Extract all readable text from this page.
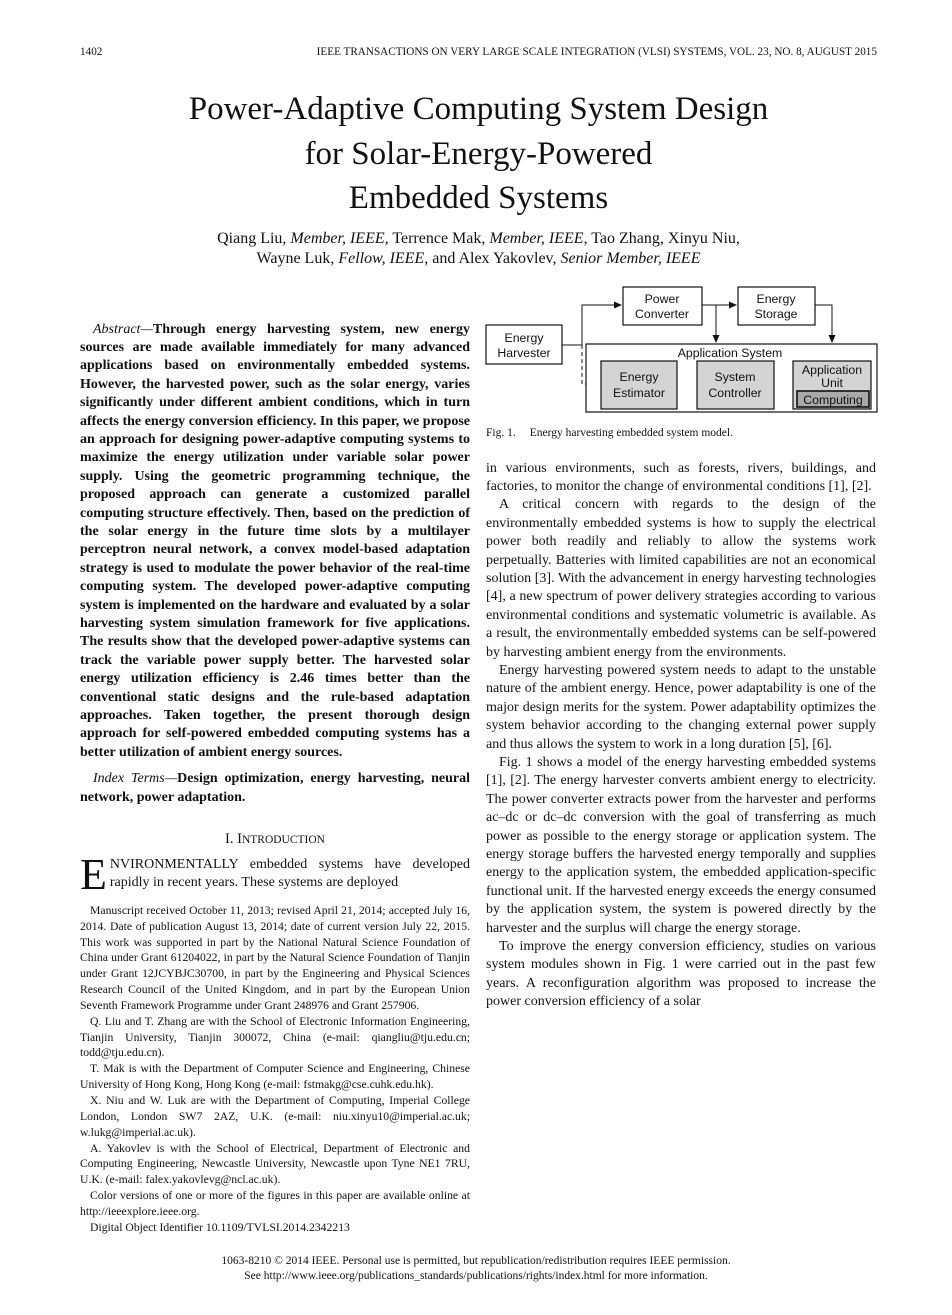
1402	IEEE TRANSACTIONS ON VERY LARGE SCALE INTEGRATION (VLSI) SYSTEMS, VOL. 23, NO. 8, AUGUST 2015
Power-Adaptive Computing System Design
for Solar-Energy-Powered
Embedded Systems
Qiang Liu, Member, IEEE, Terrence Mak, Member, IEEE, Tao Zhang, Xinyu Niu,
Wayne Luk, Fellow, IEEE, and Alex Yakovlev, Senior Member, IEEE

Abstract—Through energy harvesting system, new energy sources are made available immediately for many advanced applications based on environmentally embedded systems. However, the harvested power, such as the solar energy, varies significantly under different ambient conditions, which in turn affects the energy conversion efficiency. In this paper, we propose an approach for designing power-adaptive computing systems to maximize the energy utilization under variable solar power supply. Using the geometric programming technique, the proposed approach can generate a customized parallel computing structure effectively. Then, based on the prediction of the solar energy in the future time slots by a multilayer perceptron neural network, a convex model-based adaptation strategy is used to modulate the power behavior of the real-time computing system. The developed power-adaptive computing system is implemented on the hardware and evaluated by a solar harvesting system simulation framework for five applications. The results show that the developed power-adaptive systems can track the variable power supply better. The harvested solar energy utilization efficiency is 2.46 times better than the conventional static designs and the rule-based adaptation approaches. Taken together, the present thorough design approach for self-powered embedded computing systems has a better utilization of ambient energy sources.

Index Terms—Design optimization, energy harvesting, neural network, power adaptation.

I. INTRODUCTION
ENVIRONMENTALLY embedded systems have developed rapidly in recent years. These systems are deployed

Manuscript received October 11, 2013; revised April 21, 2014; accepted July 16, 2014. Date of publication August 13, 2014; date of current version July 22, 2015. This work was supported in part by the National Natural Science Foundation of China under Grant 61204022, in part by the Natural Science Foundation of Tianjin under Grant 12JCYBJC30700, in part by the Engineering and Physical Sciences Research Council of the United Kingdom, and in part by the European Union Seventh Framework Programme under Grant 248976 and Grant 257906.

Q. Liu and T. Zhang are with the School of Electronic Information Engineering, Tianjin University, Tianjin 300072, China (e-mail: qiangliu@tju.edu.cn; todd@tju.edu.cn).

T. Mak is with the Department of Computer Science and Engineering, Chinese University of Hong Kong, Hong Kong (e-mail: fstmakg@cse.cuhk.edu.hk).

X. Niu and W. Luk are with the Department of Computing, Imperial College London, London SW7 2AZ, U.K. (e-mail: niu.xinyu10@imperial.ac.uk; w.lukg@imperial.ac.uk).

A. Yakovlev is with the School of Electrical, Department of Electronic and Computing Engineering, Newcastle University, Newcastle upon Tyne NE1 7RU, U.K. (e-mail: falex.yakovlevg@ncl.ac.uk).

Color versions of one or more of the figures in this paper are available online at http://ieeexplore.ieee.org.

Digital Object Identifier 10.1109/TVLSI.2014.2342213

Power
Converter
Energy
Storage
Energy
Harvester	Application System
Energy
Estimator
System
Controller
Application
Unit
Computing
Fig. 1. Energy harvesting embedded system model.

in various environments, such as forests, rivers, buildings, and factories, to monitor the change of environmental conditions [1], [2].

A critical concern with regards to the design of the environmentally embedded systems is how to supply the electrical power both readily and reliably to allow the systems work perpetually. Batteries with limited capabilities are not an economical solution [3]. With the advancement in energy harvesting technologies [4], a new spectrum of power delivery strategies according to various environmental conditions and systematic volumetric is available. As a result, the environmentally embedded systems can be self-powered by harvesting ambient energy from the environments.

Energy harvesting powered system needs to adapt to the unstable nature of the ambient energy. Hence, power adaptability is one of the major design merits for the system. Power adaptability optimizes the system behavior according to the changing external power supply and thus allows the system to work in a long duration [5], [6].

Fig. 1 shows a model of the energy harvesting embedded systems [1], [2]. The energy harvester converts ambient energy to electricity. The power converter extracts power from the harvester and performs ac–dc or dc–dc conversion with the goal of transferring as much power as possible to the energy storage or application system. The energy storage buffers the harvested energy temporally and supplies energy to the application system, the embedded application-specific functional unit. If the harvested energy exceeds the energy consumed by the application system, the system is powered directly by the harvester and the surplus will charge the energy storage.

To improve the energy conversion efficiency, studies on various system modules shown in Fig. 1 were carried out in the past few years. A reconfiguration algorithm was proposed to increase the power conversion efficiency of a solar

1063-8210 © 2014 IEEE. Personal use is permitted, but republication/redistribution requires IEEE permission.
See http://www.ieee.org/publications_standards/publications/rights/index.html for more information.
